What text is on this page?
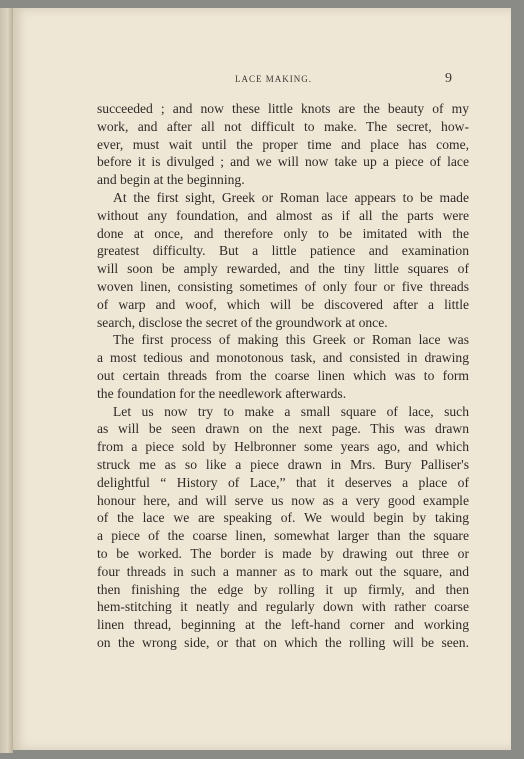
LACE MAKING.	9
succeeded ; and now these little knots are the beauty of my
work, and after all not difficult to make. The secret, how-
ever, must wait until the proper time and place has come,
before it is divulged ; and we will now take up a piece of lace
and begin at the beginning.
At the first sight, Greek or Roman lace appears to be made
without any foundation, and almost as if all the parts were
done at once, and therefore only to be imitated with the
greatest difficulty. But a little patience and examination
will soon be amply rewarded, and the tiny little squares of
woven linen, consisting sometimes of only four or five threads
of warp and woof, which will be discovered after a little
search, disclose the secret of the groundwork at once.
The first process of making this Greek or Roman lace was
a most tedious and monotonous task, and consisted in drawing
out certain threads from the coarse linen which was to form
the foundation for the needlework afterwards.
Let us now try to make a small square of lace, such
as will be seen drawn on the next page. This was drawn
from a piece sold by Helbronner some years ago, and which
struck me as so like a piece drawn in Mrs. Bury Palliser's
delightful “ History of Lace,” that it deserves a place of
honour here, and will serve us now as a very good example
of the lace we are speaking of. We would begin by taking
a piece of the coarse linen, somewhat larger than the square
to be worked. The border is made by drawing out three or
four threads in such a manner as to mark out the square, and
then finishing the edge by rolling it up firmly, and then
hem-stitching it neatly and regularly down with rather coarse
linen thread, beginning at the left-hand corner and working
on the wrong side, or that on which the rolling will be seen.
